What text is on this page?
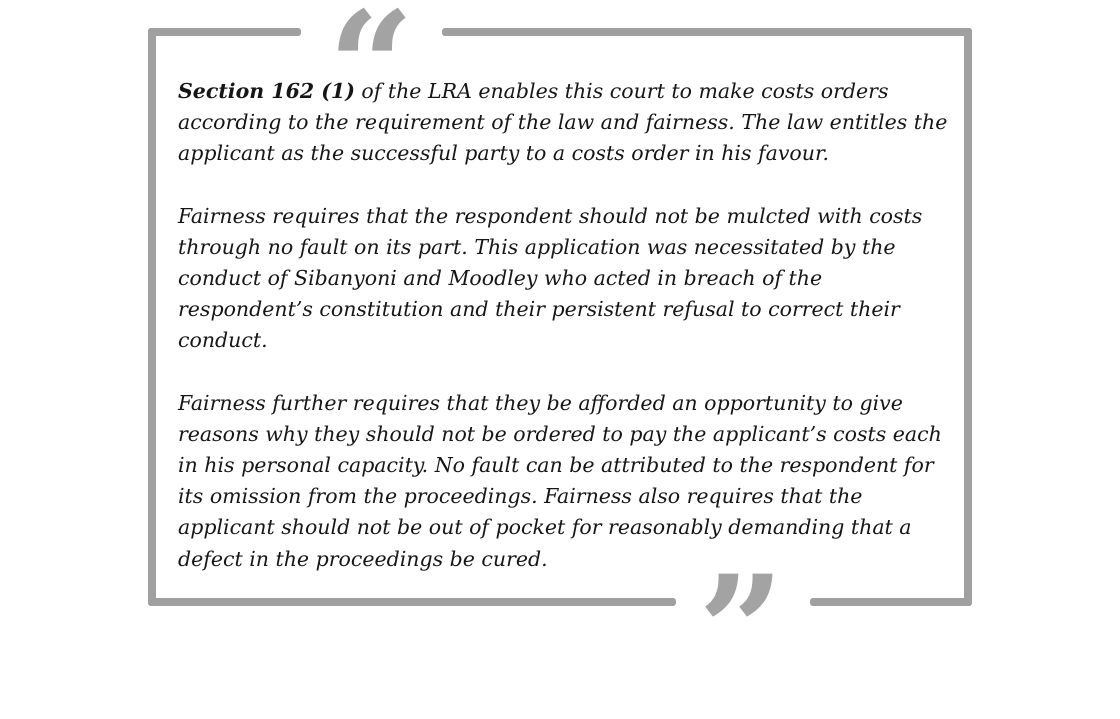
“
”

Section 162 (1) of the LRA enables this court to make costs orders according to the requirement of the law and fairness. The law entitles the applicant as the successful party to a costs order in his favour.

Fairness requires that the respondent should not be mulcted with costs through no fault on its part. This application was necessitated by the conduct of Sibanyoni and Moodley who acted in breach of the respondent’s constitution and their persistent refusal to correct their conduct.

Fairness further requires that they be afforded an opportunity to give reasons why they should not be ordered to pay the applicant’s costs each in his personal capacity. No fault can be attributed to the respondent for its omission from the proceedings. Fairness also requires that the applicant should not be out of pocket for reasonably demanding that a defect in the proceedings be cured.
